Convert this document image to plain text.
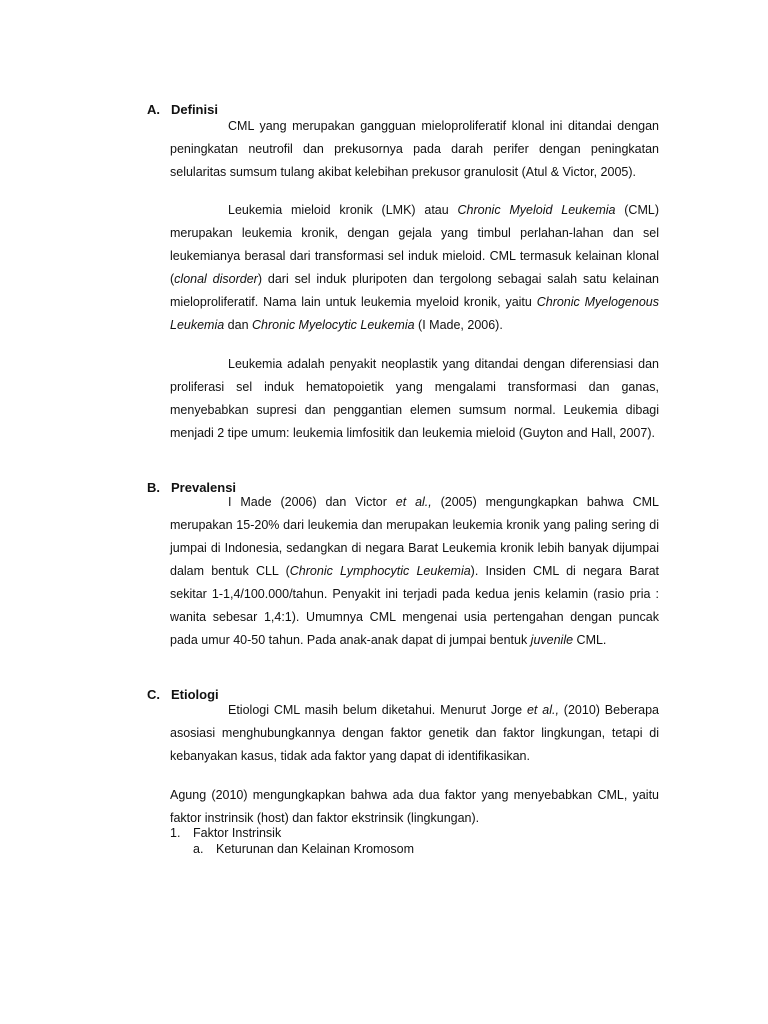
A. Definisi

CML yang merupakan gangguan mieloproliferatif klonal ini ditandai dengan peningkatan neutrofil dan prekusornya pada darah perifer dengan peningkatan selularitas sumsum tulang akibat kelebihan prekusor granulosit (Atul & Victor, 2005).

Leukemia mieloid kronik (LMK) atau Chronic Myeloid Leukemia (CML) merupakan leukemia kronik, dengan gejala yang timbul perlahan-lahan dan sel leukemianya berasal dari transformasi sel induk mieloid. CML termasuk kelainan klonal (clonal disorder) dari sel induk pluripoten dan tergolong sebagai salah satu kelainan mieloproliferatif. Nama lain untuk leukemia myeloid kronik, yaitu Chronic Myelogenous Leukemia dan Chronic Myelocytic Leukemia (I Made, 2006).

Leukemia adalah penyakit neoplastik yang ditandai dengan diferensiasi dan proliferasi sel induk hematopoietik yang mengalami transformasi dan ganas, menyebabkan supresi dan penggantian elemen sumsum normal. Leukemia dibagi menjadi 2 tipe umum: leukemia limfositik dan leukemia mieloid (Guyton and Hall, 2007).

B. Prevalensi

I Made (2006) dan Victor et al., (2005) mengungkapkan bahwa CML merupakan 15-20% dari leukemia dan merupakan leukemia kronik yang paling sering di jumpai di Indonesia, sedangkan di negara Barat Leukemia kronik lebih banyak dijumpai dalam bentuk CLL (Chronic Lymphocytic Leukemia). Insiden CML di negara Barat sekitar 1-1,4/100.000/tahun. Penyakit ini terjadi pada kedua jenis kelamin (rasio pria : wanita sebesar 1,4:1). Umumnya CML mengenai usia pertengahan dengan puncak pada umur 40-50 tahun. Pada anak-anak dapat di jumpai bentuk juvenile CML.

C. Etiologi

Etiologi CML masih belum diketahui. Menurut Jorge et al., (2010) Beberapa asosiasi menghubungkannya dengan faktor genetik dan faktor lingkungan, tetapi di kebanyakan kasus, tidak ada faktor yang dapat di identifikasikan.

Agung (2010) mengungkapkan bahwa ada dua faktor yang menyebabkan CML, yaitu faktor instrinsik (host) dan faktor ekstrinsik (lingkungan).

1. Faktor Instrinsik
a. Keturunan dan Kelainan Kromosom
